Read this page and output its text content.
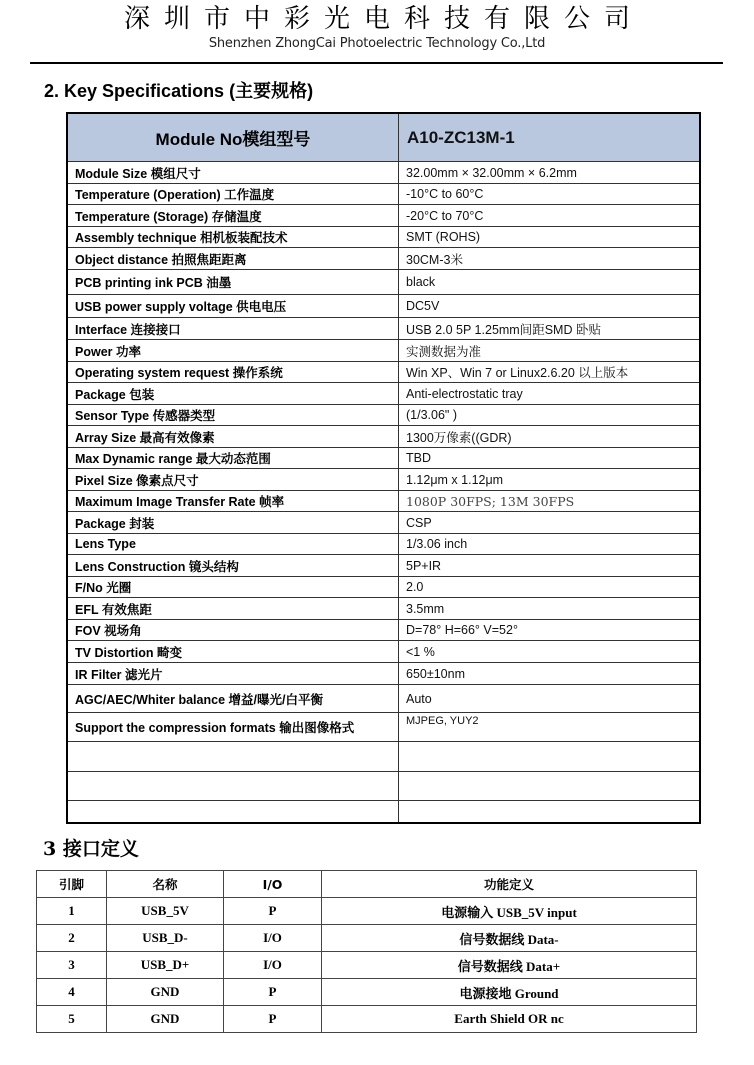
深圳市中彩光电科技有限公司
Shenzhen ZhongCai Photoelectric Technology Co.,Ltd
2. Key Specifications (主要规格)
Module No模组型号	A10-ZC13M-1
Module Size 模组尺寸	32.00mm × 32.00mm × 6.2mm
Temperature (Operation) 工作温度	-10°C to 60°C
Temperature (Storage) 存储温度	-20°C to 70°C
Assembly technique 相机板装配技术	SMT (ROHS)
Object distance 拍照焦距距离	30CM-3米
PCB printing ink PCB 油墨	black
USB power supply voltage 供电电压	DC5V
Interface 连接接口	USB 2.0 5P 1.25mm间距SMD 卧贴
Power 功率	实测数据为准
Operating system request 操作系统	Win XP、Win 7 or Linux2.6.20 以上版本
Package 包装	Anti-electrostatic tray
Sensor Type 传感器类型	(1/3.06" )
Array Size 最高有效像素	1300万像素((GDR)
Max Dynamic range 最大动态范围	TBD
Pixel Size 像素点尺寸	1.12μm x 1.12μm
Maximum Image Transfer Rate 帧率	1080P 30FPS; 13M 30FPS
Package 封装	CSP
Lens Type	1/3.06 inch
Lens Construction 镜头结构	5P+IR
F/No 光圈	2.0
EFL 有效焦距	3.5mm
FOV 视场角	D=78° H=66° V=52°
TV Distortion 畸变	<1 %
IR Filter 滤光片	650±10nm
AGC/AEC/Whiter balance 增益/曝光/白平衡	Auto
Support the compression formats 输出图像格式	MJPEG, YUY2

3 接口定义
引脚	名称	I/O	功能定义
1	USB_5V	P	电源输入 USB_5V input
2	USB_D-	I/O	信号数据线 Data-
3	USB_D+	I/O	信号数据线 Data+
4	GND	P	电源接地 Ground
5	GND	P	Earth Shield OR nc
